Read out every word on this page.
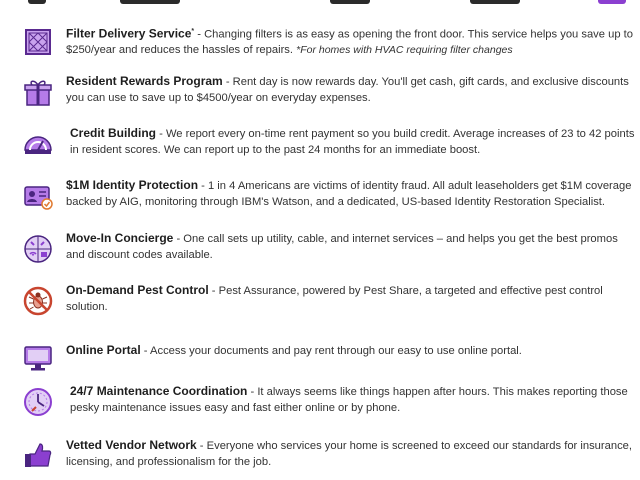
Filter Delivery Service* - Changing filters is as easy as opening the front door. This service helps you save up to $250/year and reduces the hassles of repairs. *For homes with HVAC requiring filter changes
Resident Rewards Program - Rent day is now rewards day. You'll get cash, gift cards, and exclusive discounts you can use to save up to $4500/year on everyday expenses.
Credit Building - We report every on-time rent payment so you build credit. Average increases of 23 to 42 points in resident scores. We can report up to the past 24 months for an immediate boost.
$1M Identity Protection - 1 in 4 Americans are victims of identity fraud. All adult leaseholders get $1M coverage backed by AIG, monitoring through IBM's Watson, and a dedicated, US-based Identity Restoration Specialist.
Move-In Concierge - One call sets up utility, cable, and internet services – and helps you get the best promos and discount codes available.
On-Demand Pest Control - Pest Assurance, powered by Pest Share, a targeted and effective pest control solution.
Online Portal - Access your documents and pay rent through our easy to use online portal.
24/7 Maintenance Coordination - It always seems like things happen after hours. This makes reporting those pesky maintenance issues easy and fast either online or by phone.
Vetted Vendor Network - Everyone who services your home is screened to exceed our standards for insurance, licensing, and professionalism for the job.
